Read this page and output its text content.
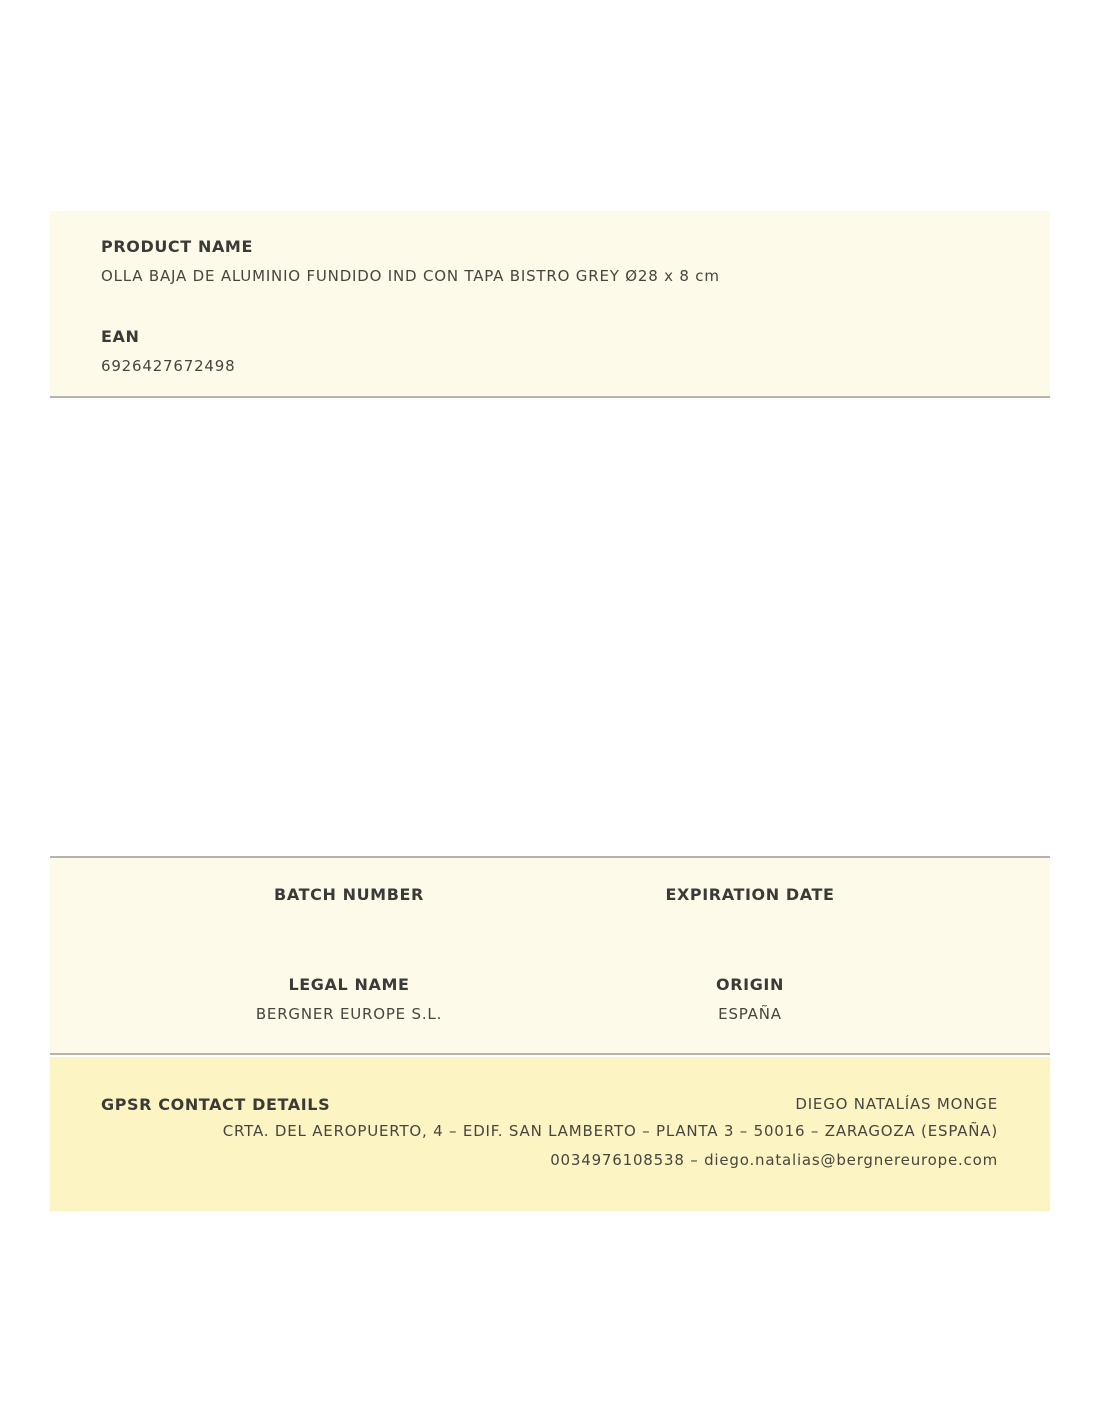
PRODUCT NAME
OLLA BAJA DE ALUMINIO FUNDIDO IND CON TAPA BISTRO GREY Ø28 x 8 cm
EAN
6926427672498
BATCH NUMBER	EXPIRATION DATE
LEGAL NAME
BERGNER EUROPE S.L.
ORIGIN
ESPAÑA
GPSR CONTACT DETAILS	DIEGO NATALÍAS MONGE
CRTA. DEL AEROPUERTO, 4 – EDIF. SAN LAMBERTO – PLANTA 3 – 50016 – ZARAGOZA (ESPAÑA)
0034976108538 – diego.natalias@bergnereurope.com
